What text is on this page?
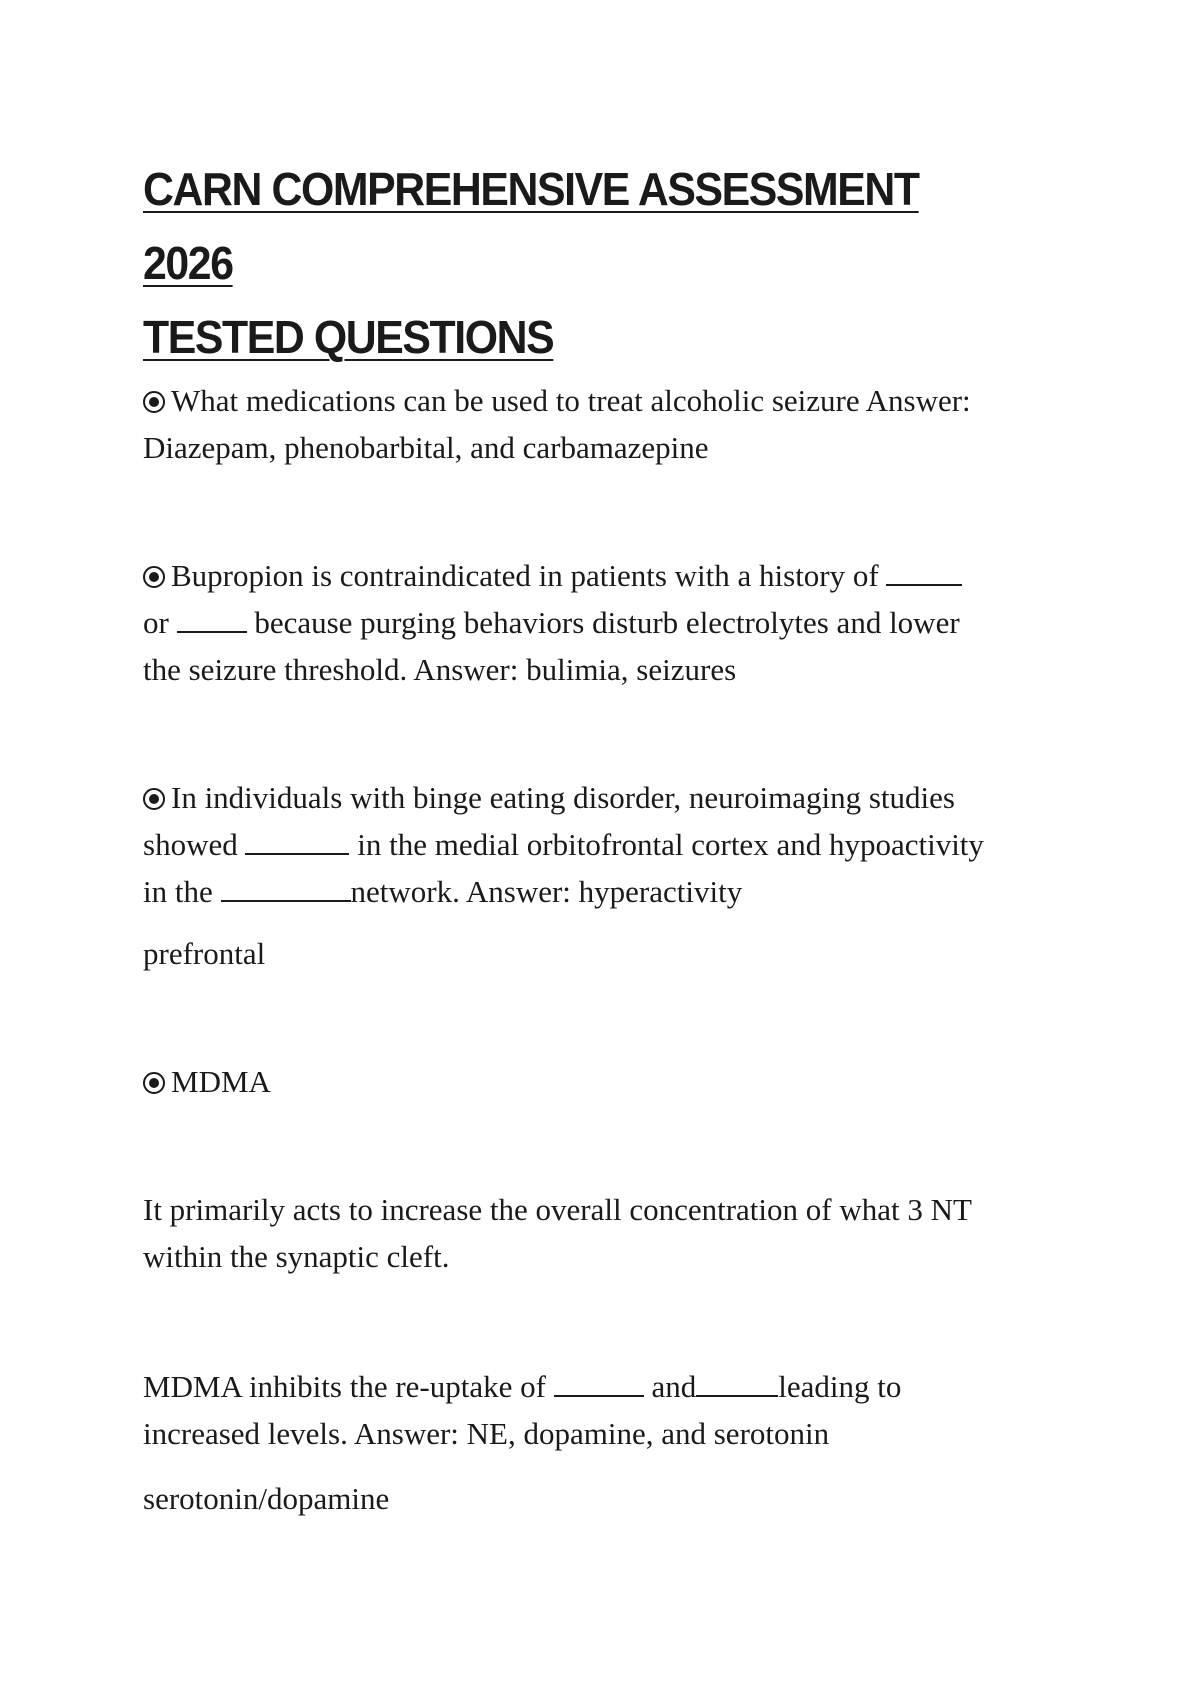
CARN COMPREHENSIVE ASSESSMENT 2026
TESTED QUESTIONS

What medications can be used to treat alcoholic seizure Answer:
Diazepam, phenobarbital, and carbamazepine

Bupropion is contraindicated in patients with a history of
or	because purging behaviors disturb electrolytes and lower
the seizure threshold. Answer: bulimia, seizures

In individuals with binge eating disorder, neuroimaging studies
showed	in the medial orbitofrontal cortex and hypoactivity
in the	network. Answer: hyperactivity

prefrontal

MDMA

It primarily acts to increase the overall concentration of what 3 NT
within the synaptic cleft.

MDMA inhibits the re-uptake of	and	leading to
increased levels. Answer: NE, dopamine, and serotonin

serotonin/dopamine
